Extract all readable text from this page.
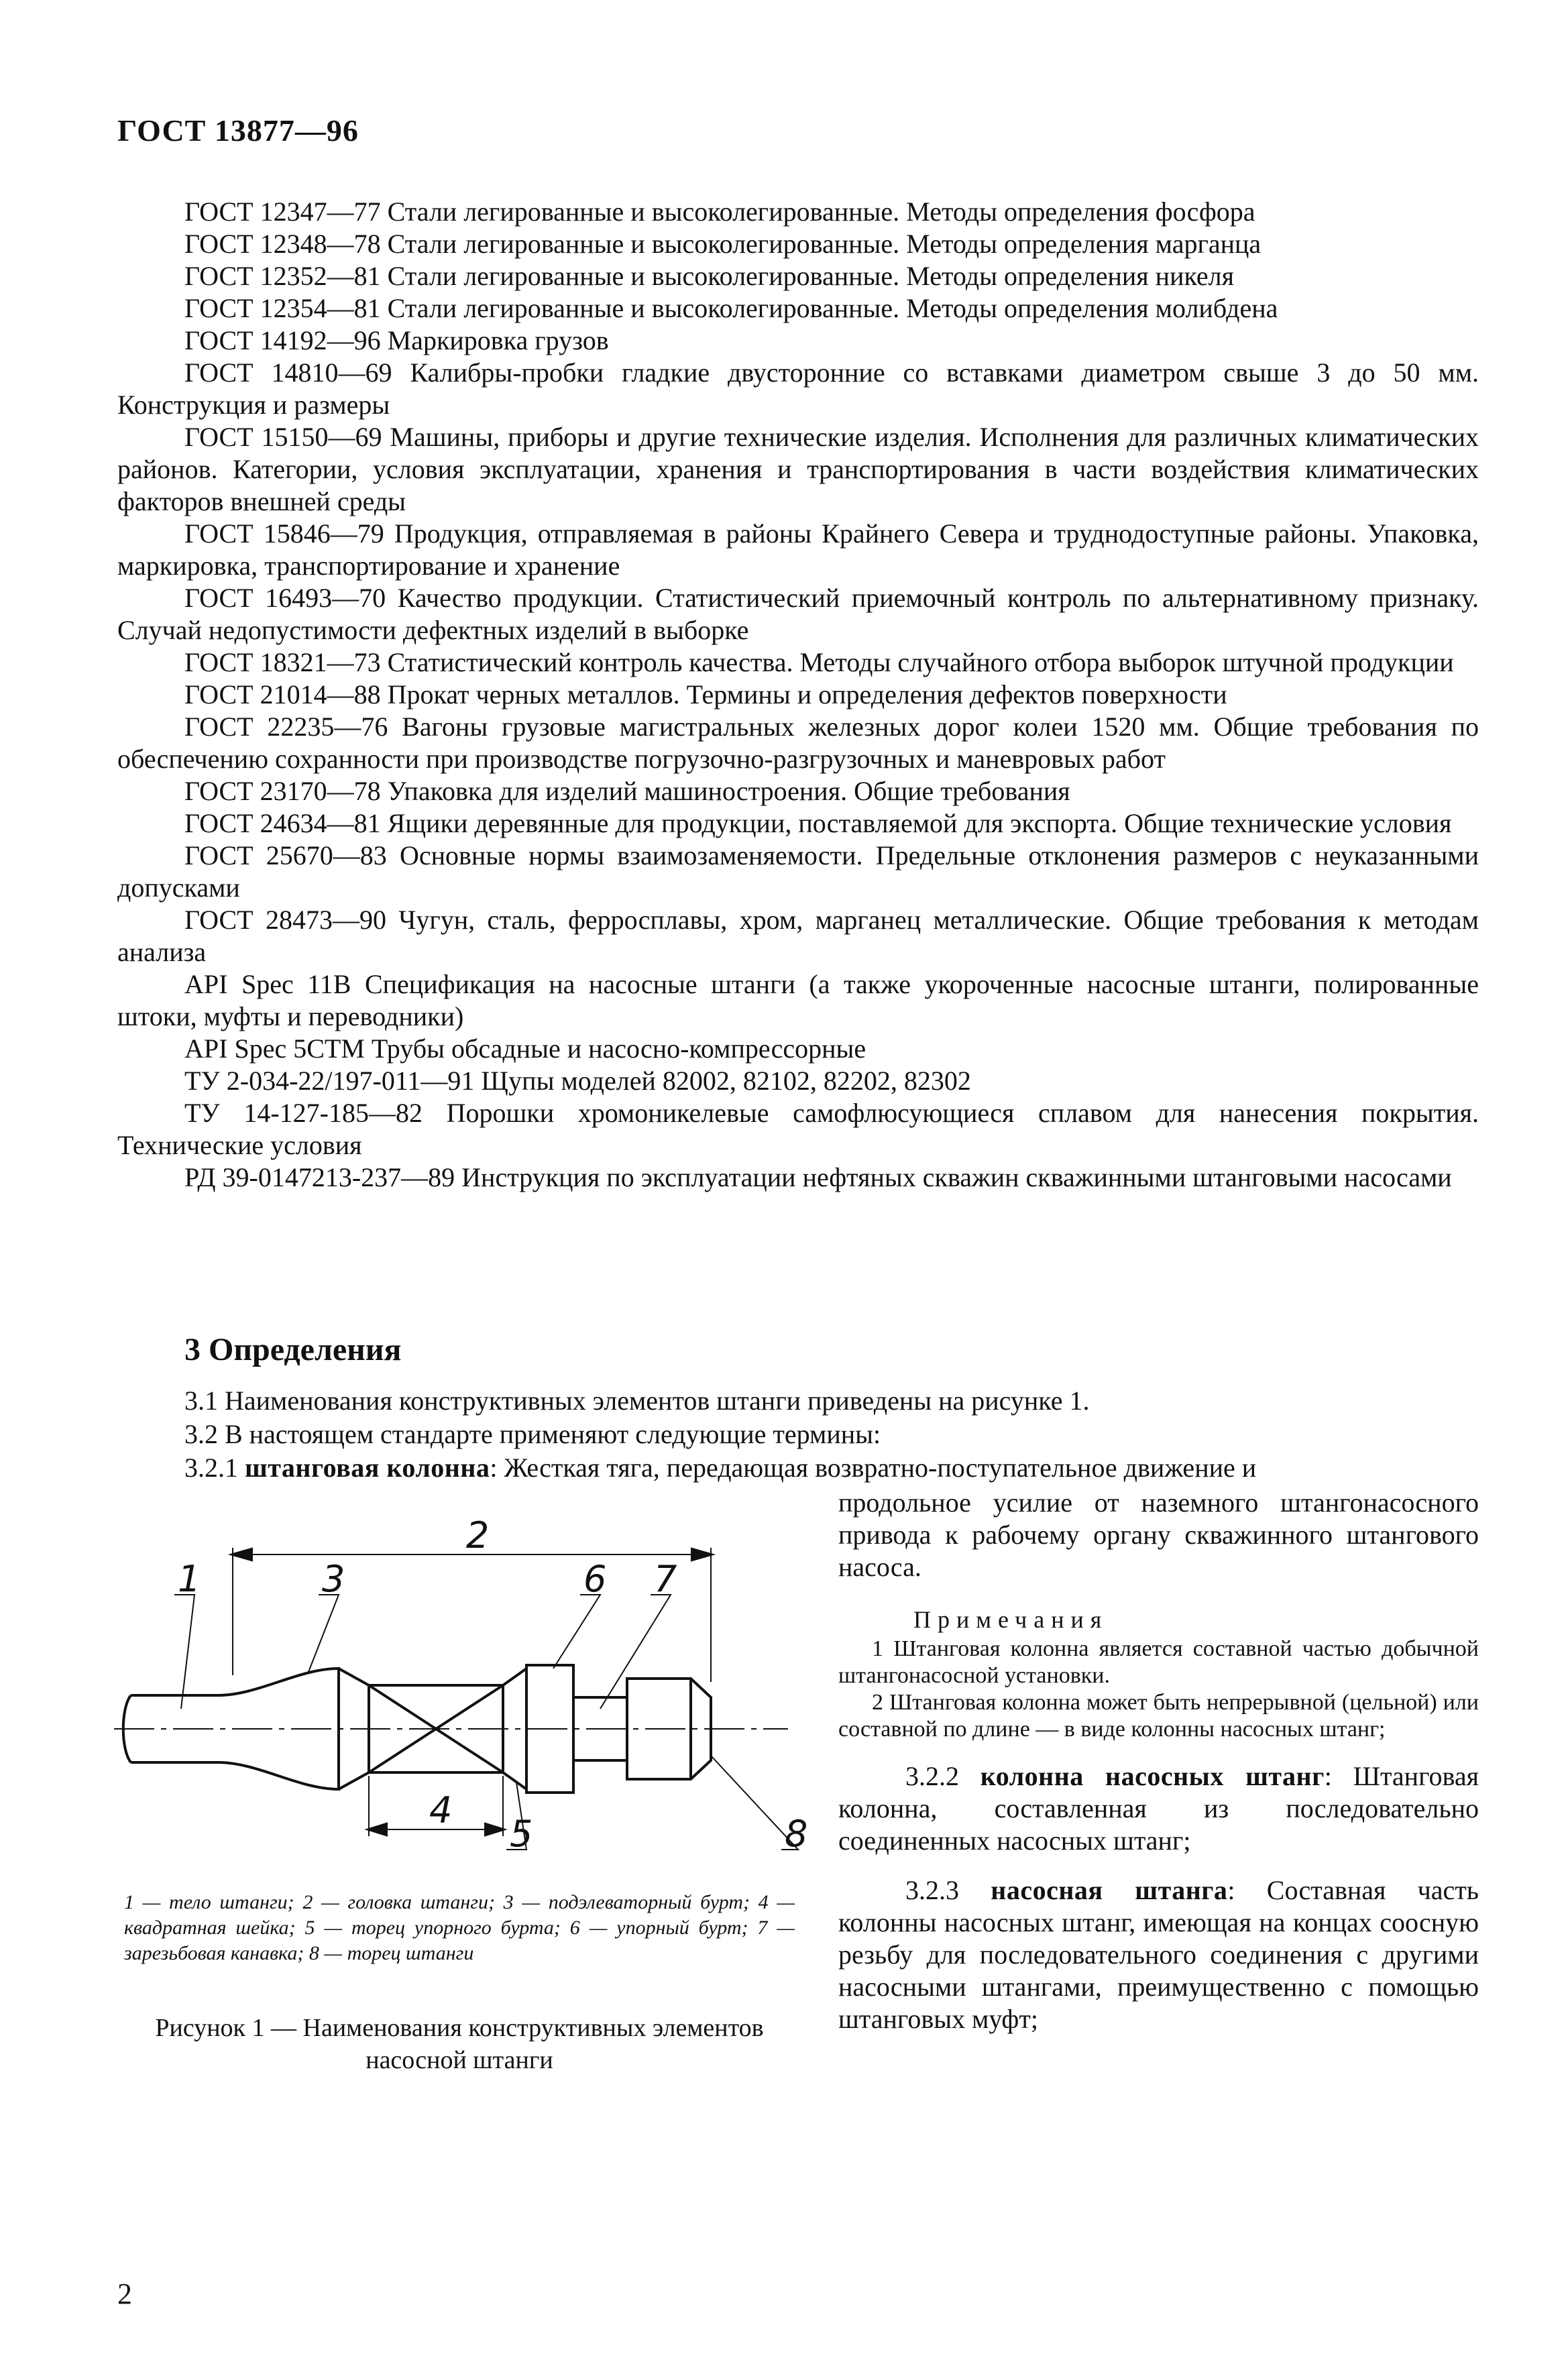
ГОСТ 13877—96

ГОСТ 12347—77 Стали легированные и высоколегированные. Методы определения фосфора

ГОСТ 12348—78 Стали легированные и высоколегированные. Методы определения марганца

ГОСТ 12352—81 Стали легированные и высоколегированные. Методы определения никеля

ГОСТ 12354—81 Стали легированные и высоколегированные. Методы определения молибдена

ГОСТ 14192—96 Маркировка грузов

ГОСТ 14810—69 Калибры-пробки гладкие двусторонние со вставками диаметром свыше 3 до 50 мм. Конструкция и размеры

ГОСТ 15150—69 Машины, приборы и другие технические изделия. Исполнения для различных климатических районов. Категории, условия эксплуатации, хранения и транспортирования в части воздействия климатических факторов внешней среды

ГОСТ 15846—79 Продукция, отправляемая в районы Крайнего Севера и труднодоступные районы. Упаковка, маркировка, транспортирование и хранение

ГОСТ 16493—70 Качество продукции. Статистический приемочный контроль по альтернативному признаку. Случай недопустимости дефектных изделий в выборке

ГОСТ 18321—73 Статистический контроль качества. Методы случайного отбора выборок штучной продукции

ГОСТ 21014—88 Прокат черных металлов. Термины и определения дефектов поверхности

ГОСТ 22235—76 Вагоны грузовые магистральных железных дорог колеи 1520 мм. Общие требования по обеспечению сохранности при производстве погрузочно-разгрузочных и маневровых работ

ГОСТ 23170—78 Упаковка для изделий машиностроения. Общие требования

ГОСТ 24634—81 Ящики деревянные для продукции, поставляемой для экспорта. Общие технические условия

ГОСТ 25670—83 Основные нормы взаимозаменяемости. Предельные отклонения размеров с неуказанными допусками

ГОСТ 28473—90 Чугун, сталь, ферросплавы, хром, марганец металлические. Общие требования к методам анализа

API Spec 11B Спецификация на насосные штанги (а также укороченные насосные штанги, полированные штоки, муфты и переводники)

API Spec 5CTM Трубы обсадные и насосно-компрессорные

ТУ 2-034-22/197-011—91 Щупы моделей 82002, 82102, 82202, 82302

ТУ 14-127-185—82 Порошки хромоникелевые самофлюсующиеся сплавом для нанесения покрытия. Технические условия

РД 39-0147213-237—89 Инструкция по эксплуатации нефтяных скважин скважинными штанговыми насосами

3 Определения

3.1 Наименования конструктивных элементов штанги приведены на рисунке 1.

3.2 В настоящем стандарте применяют следующие термины:

3.2.1 штанговая колонна: Жесткая тяга, передающая возвратно-поступательное движение и

1
2
3
4
5
6 7
8
1 — тело штанги; 2 — головка штанги; 3 — подэлеваторный бурт; 4 — квадратная шейка; 5 — торец упорного бурта; 6 — упорный бурт; 7 — зарезьбовая канавка; 8 — торец штанги
Рисунок 1 — Наименования конструктивных элементов насосной штанги

продольное усилие от наземного штангонасосного привода к рабочему органу скважинного штангового насоса.

Примечания

1 Штанговая колонна является составной частью добычной штангонасосной установки.

2 Штанговая колонна может быть непрерывной (цельной) или составной по длине — в виде колонны насосных штанг;

3.2.2 колонна насосных штанг: Штанговая колонна, составленная из последовательно соединенных насосных штанг;

3.2.3 насосная штанга: Составная часть колонны насосных штанг, имеющая на концах соосную резьбу для последовательного соединения с другими насосными штангами, преимущественно с помощью штанговых муфт;

2
